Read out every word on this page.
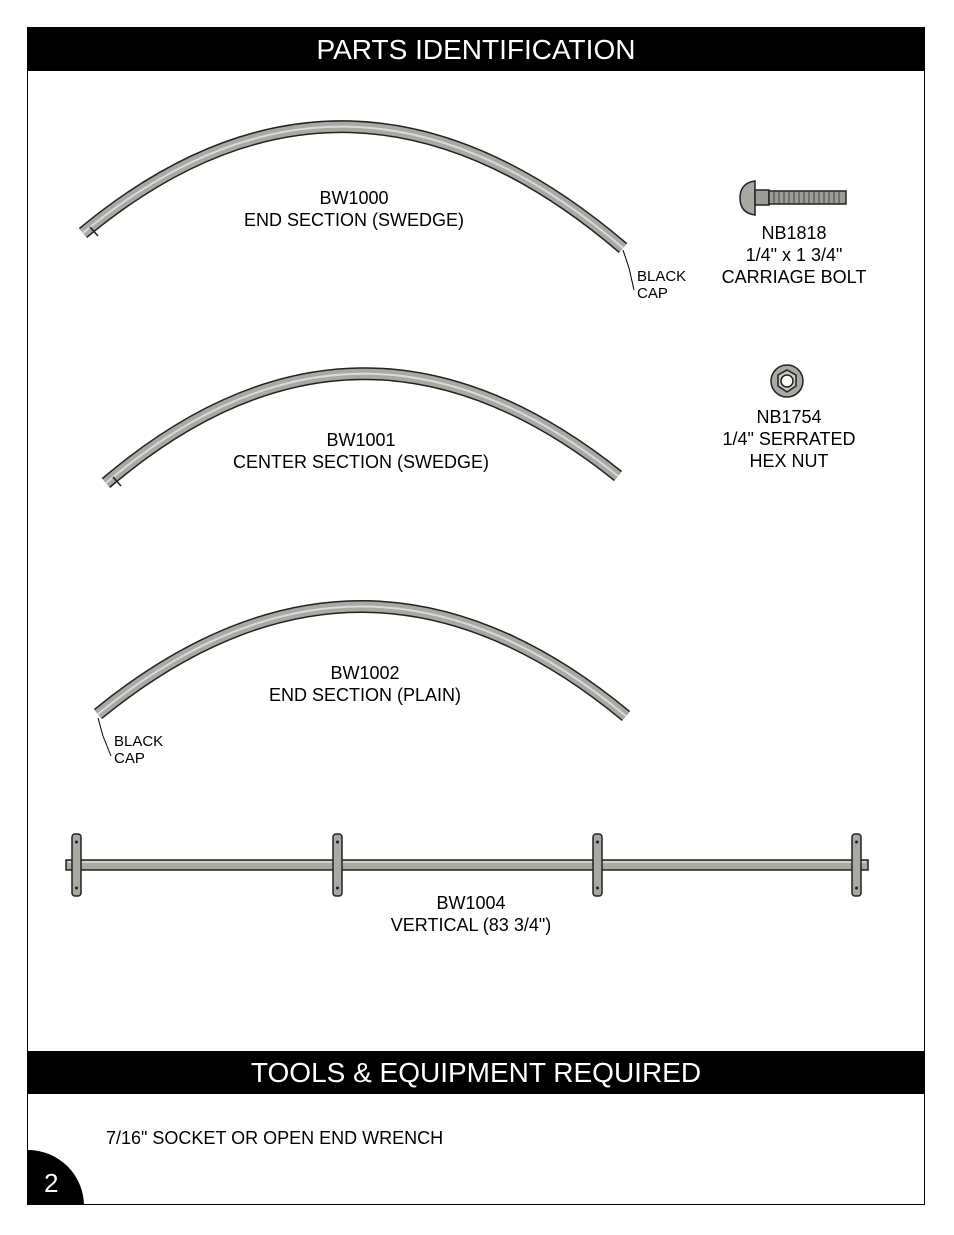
PARTS IDENTIFICATION
BW1000
END SECTION (SWEDGE)
BLACK
CAP
NB1818
1/4" x 1 3/4"
CARRIAGE BOLT
BW1001
CENTER SECTION (SWEDGE)
NB1754
1/4" SERRATED
HEX NUT
BW1002
END SECTION (PLAIN)
BLACK
CAP
BW1004
VERTICAL (83 3/4")
TOOLS & EQUIPMENT REQUIRED
7/16" SOCKET OR OPEN END WRENCH
2
